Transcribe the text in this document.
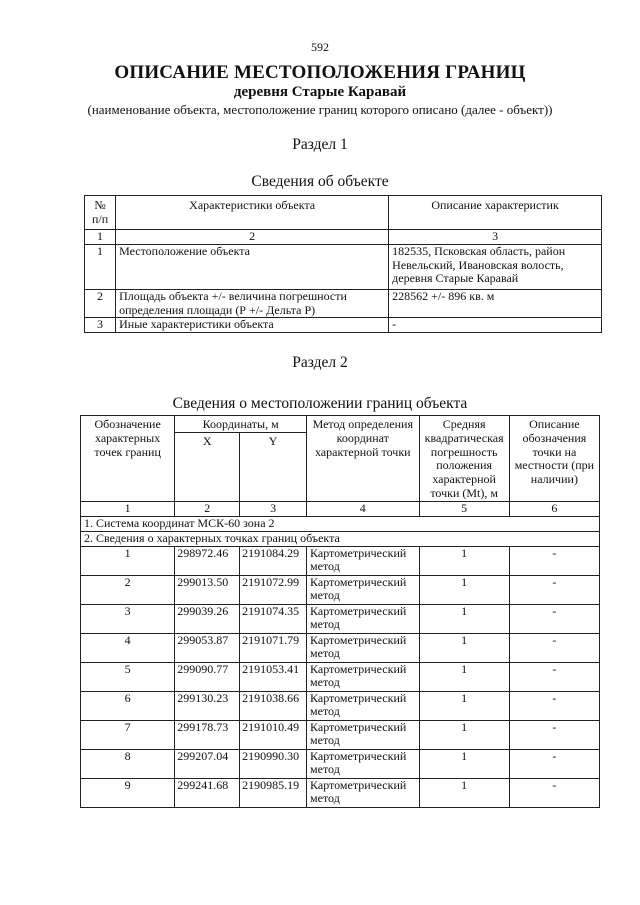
592
ОПИСАНИЕ МЕСТОПОЛОЖЕНИЯ ГРАНИЦ
деревня Старые Каравай
(наименование объекта, местоположение границ которого описано (далее - объект))
Раздел 1
Сведения об объекте
№ п/п	Характеристики объекта	Описание характеристик
1	2	3
1	Местоположение объекта	182535, Псковская область, район Невельский, Ивановская волость, деревня Старые Каравай
2	Площадь объекта +/- величина погрешности определения площади (Р +/- Дельта Р)	228562 +/- 896 кв. м
3	Иные характеристики объекта	-
Раздел 2
Сведения о местоположении границ объекта
Обозначение характерных точек границ	Координаты, м		Метод определения координат характерной точки	Средняя квадратическая погрешность положения характерной точки (Mt), м	Описание обозначения точки на местности (при наличии)
	X	Y			
1	2	3	4	5	6
1. Система координат МСК-60 зона 2					
2. Сведения о характерных точках границ объекта					
1	298972.46	2191084.29	Картометрический метод	1	-
2	299013.50	2191072.99	Картометрический метод	1	-
3	299039.26	2191074.35	Картометрический метод	1	-
4	299053.87	2191071.79	Картометрический метод	1	-
5	299090.77	2191053.41	Картометрический метод	1	-
6	299130.23	2191038.66	Картометрический метод	1	-
7	299178.73	2191010.49	Картометрический метод	1	-
8	299207.04	2190990.30	Картометрический метод	1	-
9	299241.68	2190985.19	Картометрический метод	1	-
